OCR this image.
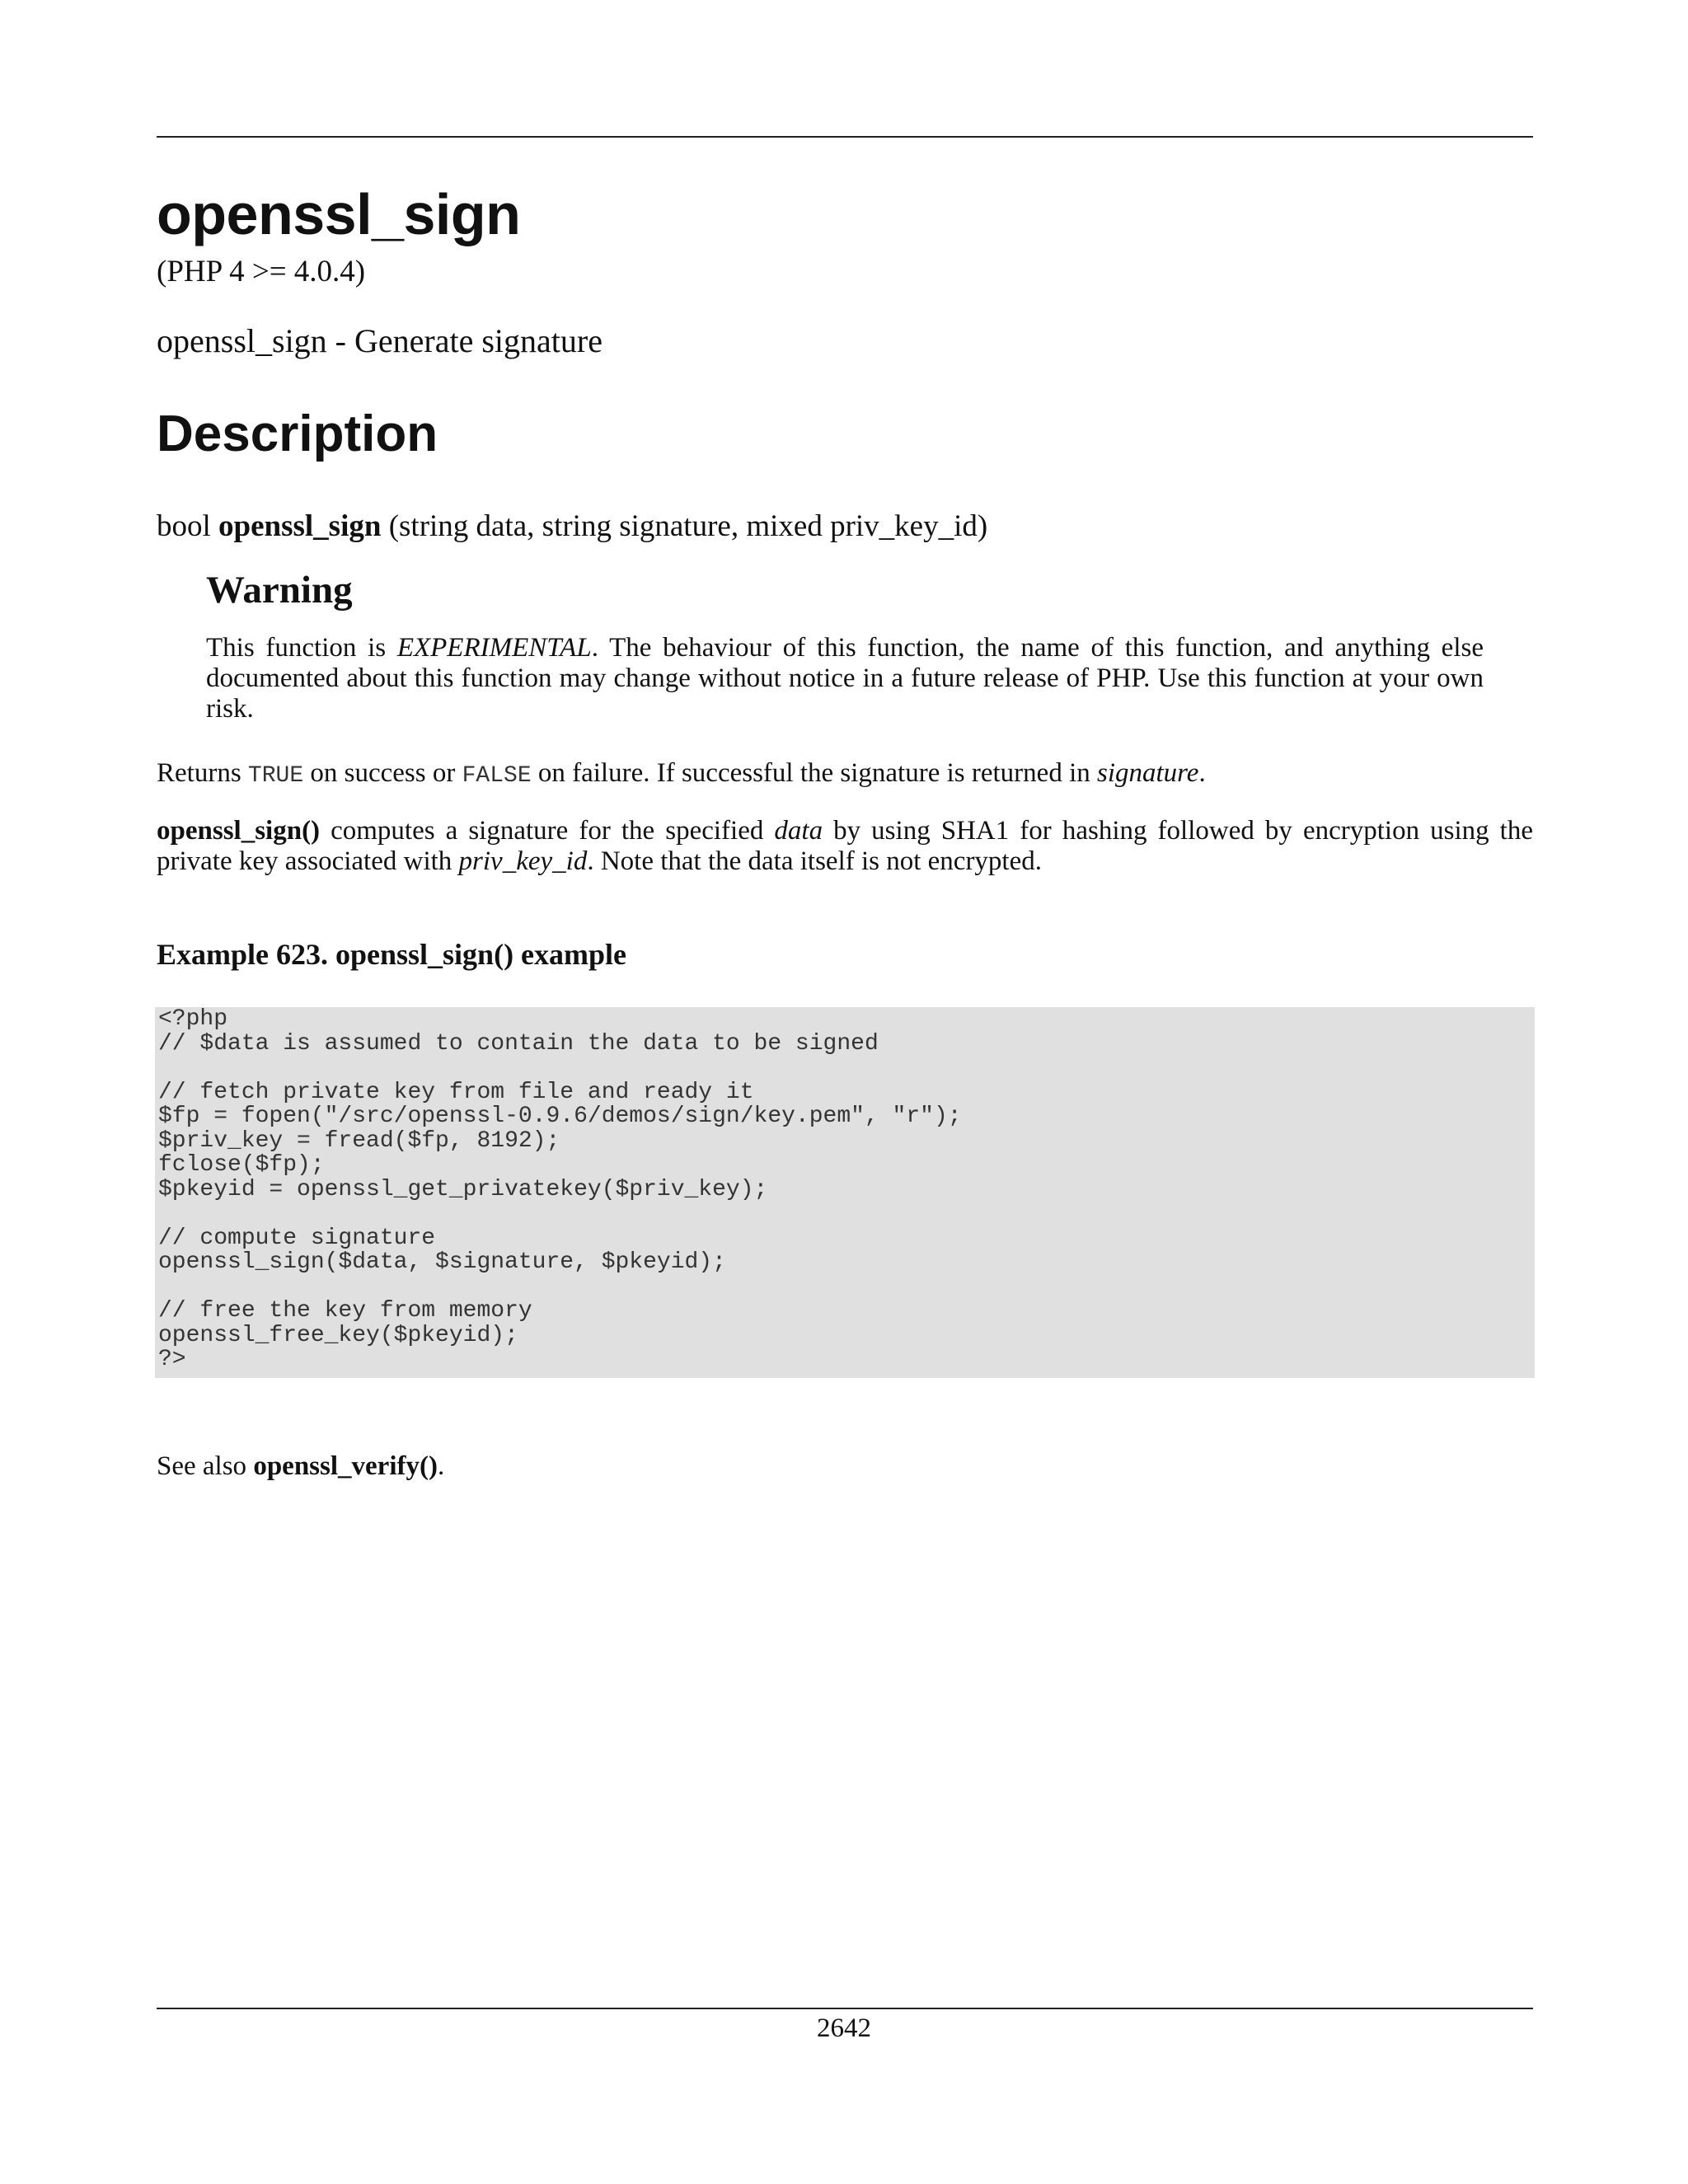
openssl_sign
(PHP 4 >= 4.0.4)
openssl_sign - Generate signature
Description
bool openssl_sign (string data, string signature, mixed priv_key_id)
Warning

This function is EXPERIMENTAL. The behaviour of this function, the name of this function, and anything else documented about this function may change without notice in a future release of PHP. Use this function at your own risk.

Returns TRUE on success or FALSE on failure. If successful the signature is returned in signature.

openssl_sign() computes a signature for the specified data by using SHA1 for hashing followed by encryption using the private key associated with priv_key_id. Note that the data itself is not encrypted.

Example 623. openssl_sign() example
<?php
// $data is assumed to contain the data to be signed
// fetch private key from file and ready it
$fp = fopen("/src/openssl-0.9.6/demos/sign/key.pem", "r");
$priv_key = fread($fp, 8192);
fclose($fp);
$pkeyid = openssl_get_privatekey($priv_key);
// compute signature
openssl_sign($data, $signature, $pkeyid);
// free the key from memory
openssl_free_key($pkeyid);
?>
See also openssl_verify().
2642
